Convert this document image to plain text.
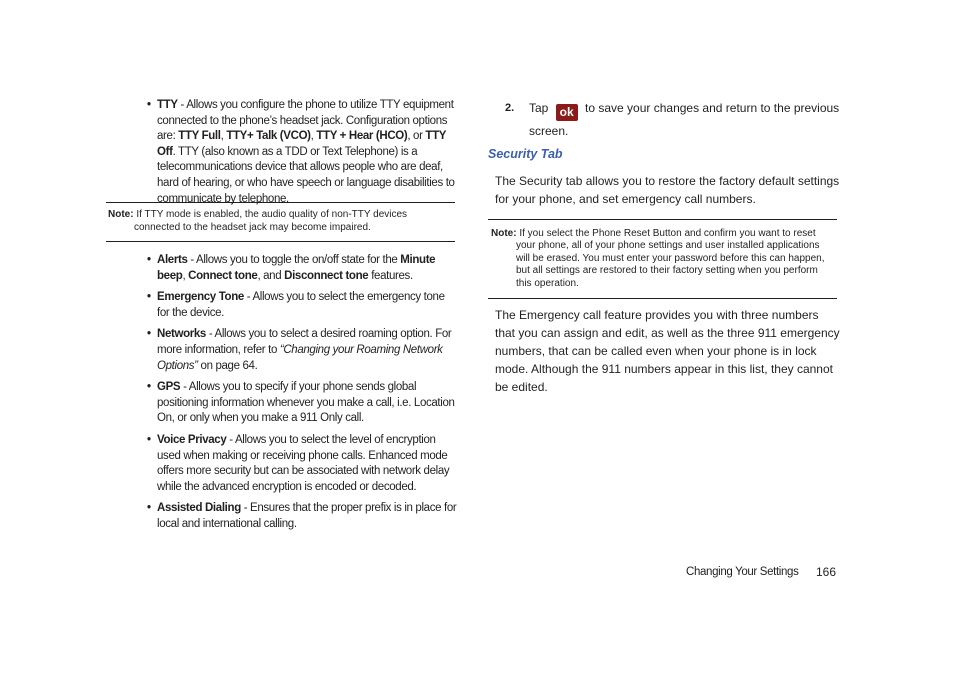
• TTY - Allows you configure the phone to utilize TTY equipment connected to the phone’s headset jack. Configuration options are: TTY Full, TTY+ Talk (VCO), TTY + Hear (HCO), or TTY Off. TTY (also known as a TDD or Text Telephone) is a telecommunications device that allows people who are deaf, hard of hearing, or who have speech or language disabilities to communicate by telephone.
Note: If TTY mode is enabled, the audio quality of non-TTY devices connected to the headset jack may become impaired.
• Alerts - Allows you to toggle the on/off state for the Minute beep, Connect tone, and Disconnect tone features.
• Emergency Tone - Allows you to select the emergency tone for the device.
• Networks - Allows you to select a desired roaming option. For more information, refer to “Changing your Roaming Network Options” on page 64.
• GPS - Allows you to specify if your phone sends global positioning information whenever you make a call, i.e. Location On, or only when you make a 911 Only call.
• Voice Privacy - Allows you to select the level of encryption used when making or receiving phone calls. Enhanced mode offers more security but can be associated with network delay while the advanced encryption is encoded or decoded.
• Assisted Dialing - Ensures that the proper prefix is in place for local and international calling.
2. Tap ok to save your changes and return to the previous screen.
Security Tab
The Security tab allows you to restore the factory default settings for your phone, and set emergency call numbers.
Note: If you select the Phone Reset Button and confirm you want to reset your phone, all of your phone settings and user installed applications will be erased. You must enter your password before this can happen, but all settings are restored to their factory setting when you perform this operation.
The Emergency call feature provides you with three numbers that you can assign and edit, as well as the three 911 emergency numbers, that can be called even when your phone is in lock mode. Although the 911 numbers appear in this list, they cannot be edited.
Changing Your Settings 166
